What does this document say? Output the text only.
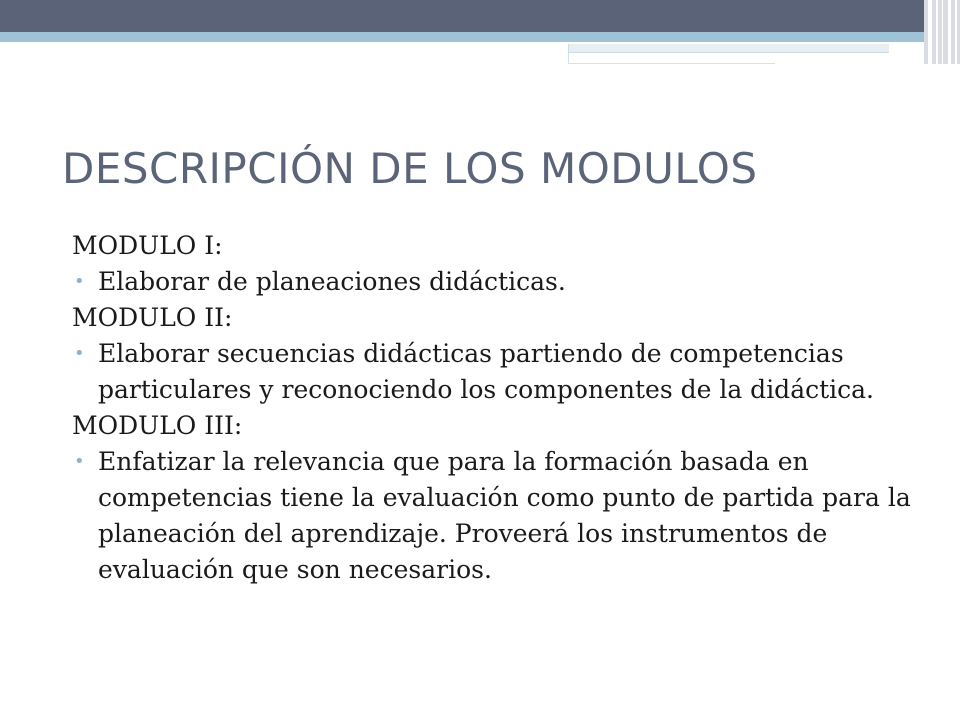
DESCRIPCIÓN DE LOS MODULOS

MODULO I:

• Elaborar de planeaciones didácticas.

MODULO II:

• Elaborar secuencias didácticas partiendo de competencias particulares y reconociendo los componentes de la didáctica.

MODULO III:

• Enfatizar la relevancia que para la formación basada en competencias tiene la evaluación como punto de partida para la planeación del aprendizaje. Proveerá los instrumentos de evaluación que son necesarios.
